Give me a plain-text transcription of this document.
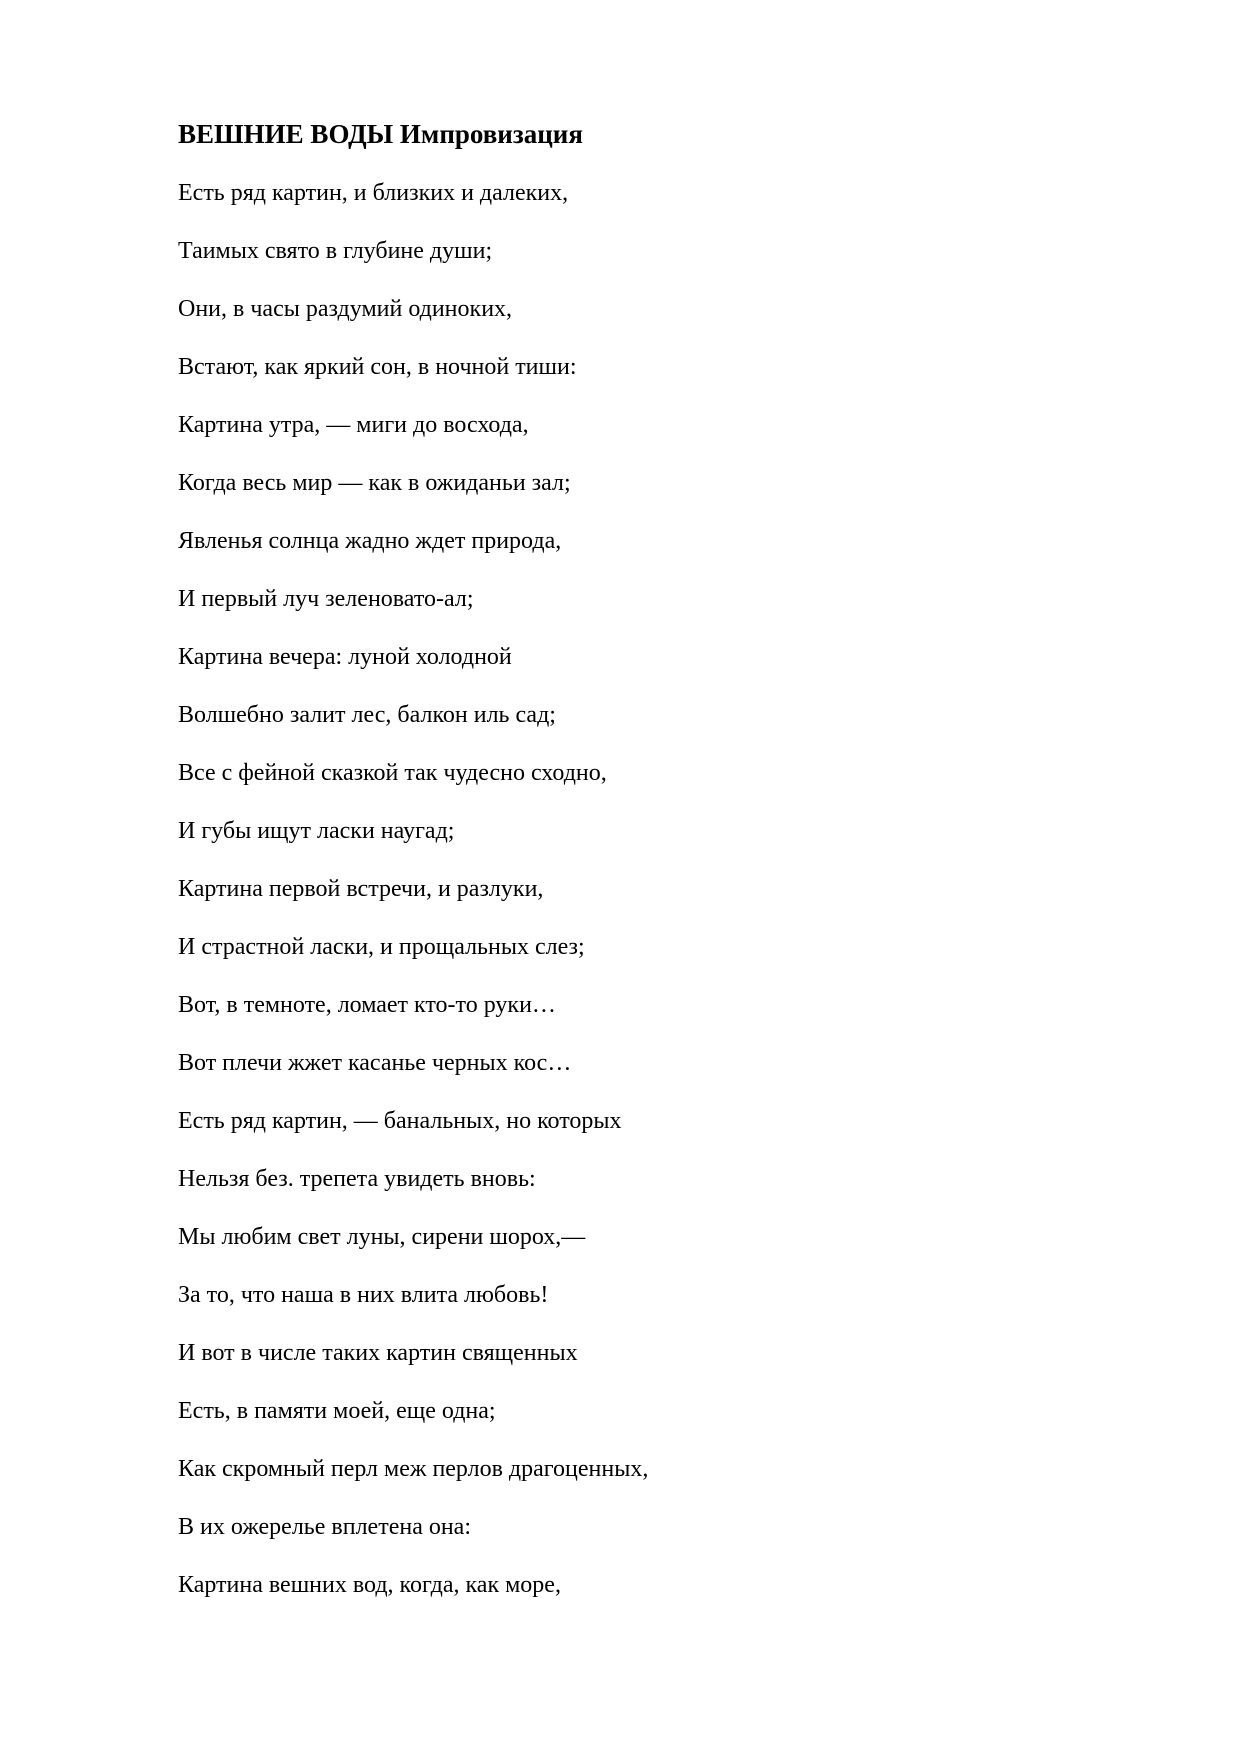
ВЕШНИЕ ВОДЫ Импровизация
Есть ряд картин, и близких и далеких,
Таимых свято в глубине души;
Они, в часы раздумий одиноких,
Встают, как яркий сон, в ночной тиши:
Картина утра, — миги до восхода,
Когда весь мир — как в ожиданьи зал;
Явленья солнца жадно ждет природа,
И первый луч зеленовато-ал;
Картина вечера: луной холодной
Волшебно залит лес, балкон иль сад;
Все с фейной сказкой так чудесно сходно,
И губы ищут ласки наугад;
Картина первой встречи, и разлуки,
И страстной ласки, и прощальных слез;
Вот, в темноте, ломает кто-то руки…
Вот плечи жжет касанье черных кос…
Есть ряд картин, — банальных, но которых
Нельзя без. трепета увидеть вновь:
Мы любим свет луны, сирени шорох,—
За то, что наша в них влита любовь!
И вот в числе таких картин священных
Есть, в памяти моей, еще одна;
Как скромный перл меж перлов драгоценных,
В их ожерелье вплетена она:
Картина вешних вод, когда, как море,
